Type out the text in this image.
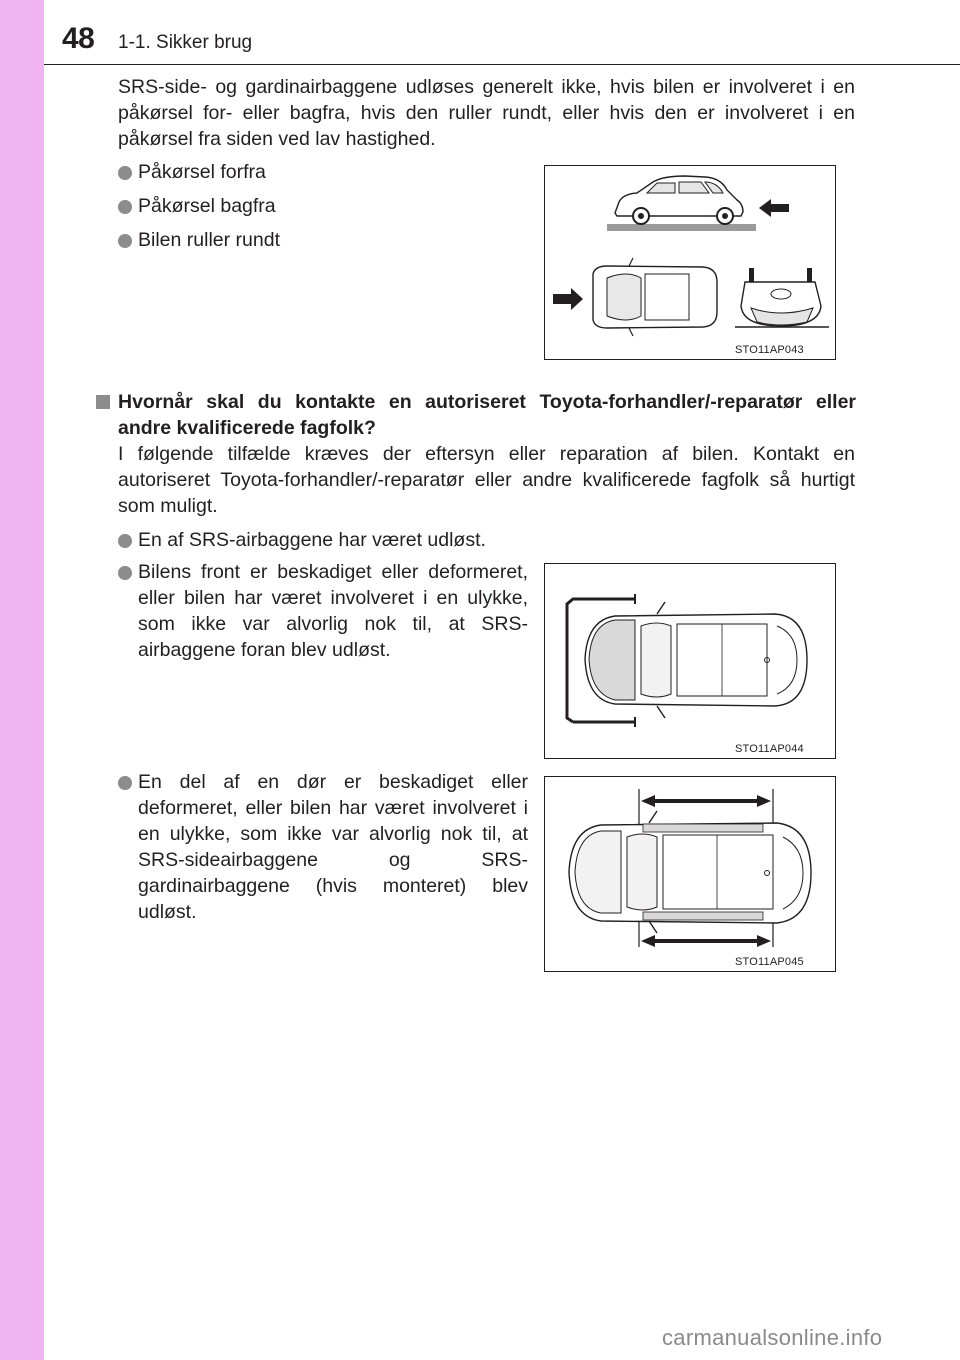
48 1-1. Sikker brug

SRS-side- og gardinairbaggene udløses generelt ikke, hvis bilen er involveret i en påkørsel for- eller bagfra, hvis den ruller rundt, eller hvis den er involveret i en påkørsel fra siden ved lav hastighed.

Påkørsel forfra
Påkørsel bagfra
Bilen ruller rundt
STO11AP043
Hvornår skal du kontakte en autoriseret Toyota-forhandler/-reparatør eller andre kvalificerede fagfolk?

I følgende tilfælde kræves der eftersyn eller reparation af bilen. Kontakt en autoriseret Toyota-forhandler/-reparatør eller andre kvalificerede fagfolk så hurtigt som muligt.

En af SRS-airbaggene har været udløst.
Bilens front er beskadiget eller deformeret, eller bilen har været involveret i en ulykke, som ikke var alvorlig nok til, at SRS-airbaggene foran blev udløst.
STO11AP044
En del af en dør er beskadiget eller deformeret, eller bilen har været involveret i en ulykke, som ikke var alvorlig nok til, at SRS-sideairbaggene og SRS-gardinairbaggene (hvis monteret) blev udløst.
STO11AP045
carmanualsonline.info
